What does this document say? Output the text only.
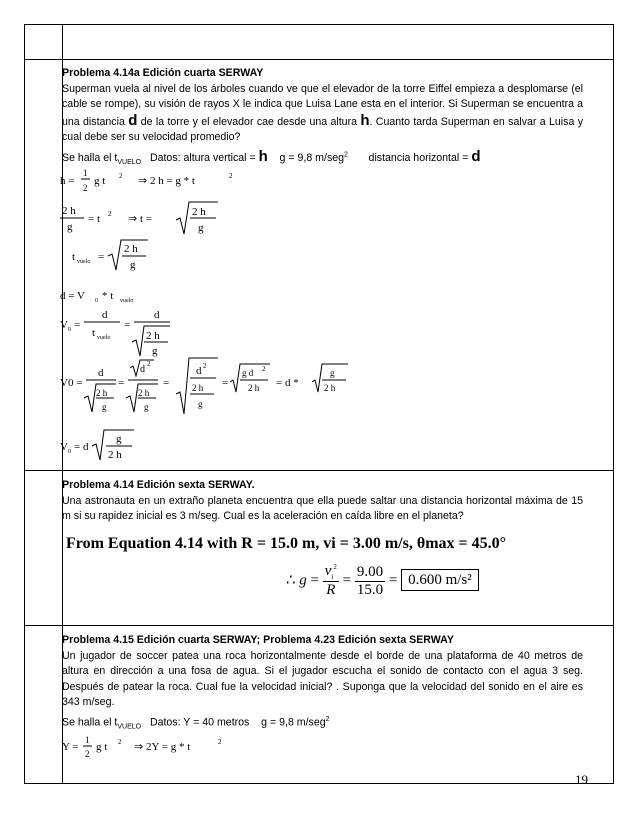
Problema 4.14a Edición cuarta SERWAY
Superman vuela al nivel de los árboles cuando ve que el elevador de la torre Eiffel empieza a desplomarse (el cable se rompe), su visión de rayos X le indica que Luisa Lane esta en el interior. Si Superman se encuentra a una distancia d de la torre y el elevador cae desde una altura h. Cuanto tarda Superman en salvar a Luisa y cual debe ser su velocidad promedio?
Se halla el $t_{VUELO}$ Datos: altura vertical = h g = 9,8 m/seg$^2$ distancia horizontal = d
h =
1
2
g t 2 ⇒ 2 h = g * t	2
2 h
g
= t 2 ⇒ t =
2 h
g
t vuelo =
2 h
g
d = V 0 * t vuelo
V 0 =
d
t vuelo
=
d
2 h
g
V0 =
d
2 h
g
=
d 2
2 h
g
=
d 2
2 h
g
=
g d 2
2 h = d *
g
2 h
V 0 = d
g
2 h
Problema 4.14 Edición sexta SERWAY.
Una astronauta en un extraño planeta encuentra que ella puede saltar una distancia horizontal máxima de 15 m si su rapidez inicial es 3 m/seg. Cual es la aceleración en caída libre en el planeta?
From Equation 4.14 with R = 15.0 m, vi = 3.00 m/s, θmax = 45.0°
∴ $g = \frac{v_i^2}{R} = \frac{9.00}{15.0} = 0.600$ m/s²
Problema 4.15 Edición cuarta SERWAY; Problema 4.23 Edición sexta SERWAY
Un jugador de soccer patea una roca horizontalmente desde el borde de una plataforma de 40 metros de altura en dirección a una fosa de agua. Si el jugador escucha el sonido de contacto con el agua 3 seg. Después de patear la roca. Cual fue la velocidad inicial? . Suponga que la velocidad del sonido en el aire es 343 m/seg.
Se halla el $t_{VUELO}$ Datos: Y = 40 metros g = 9,8 m/seg$^2$
Y =
1
2
g t 2 ⇒ 2Y = g * t	2
19
